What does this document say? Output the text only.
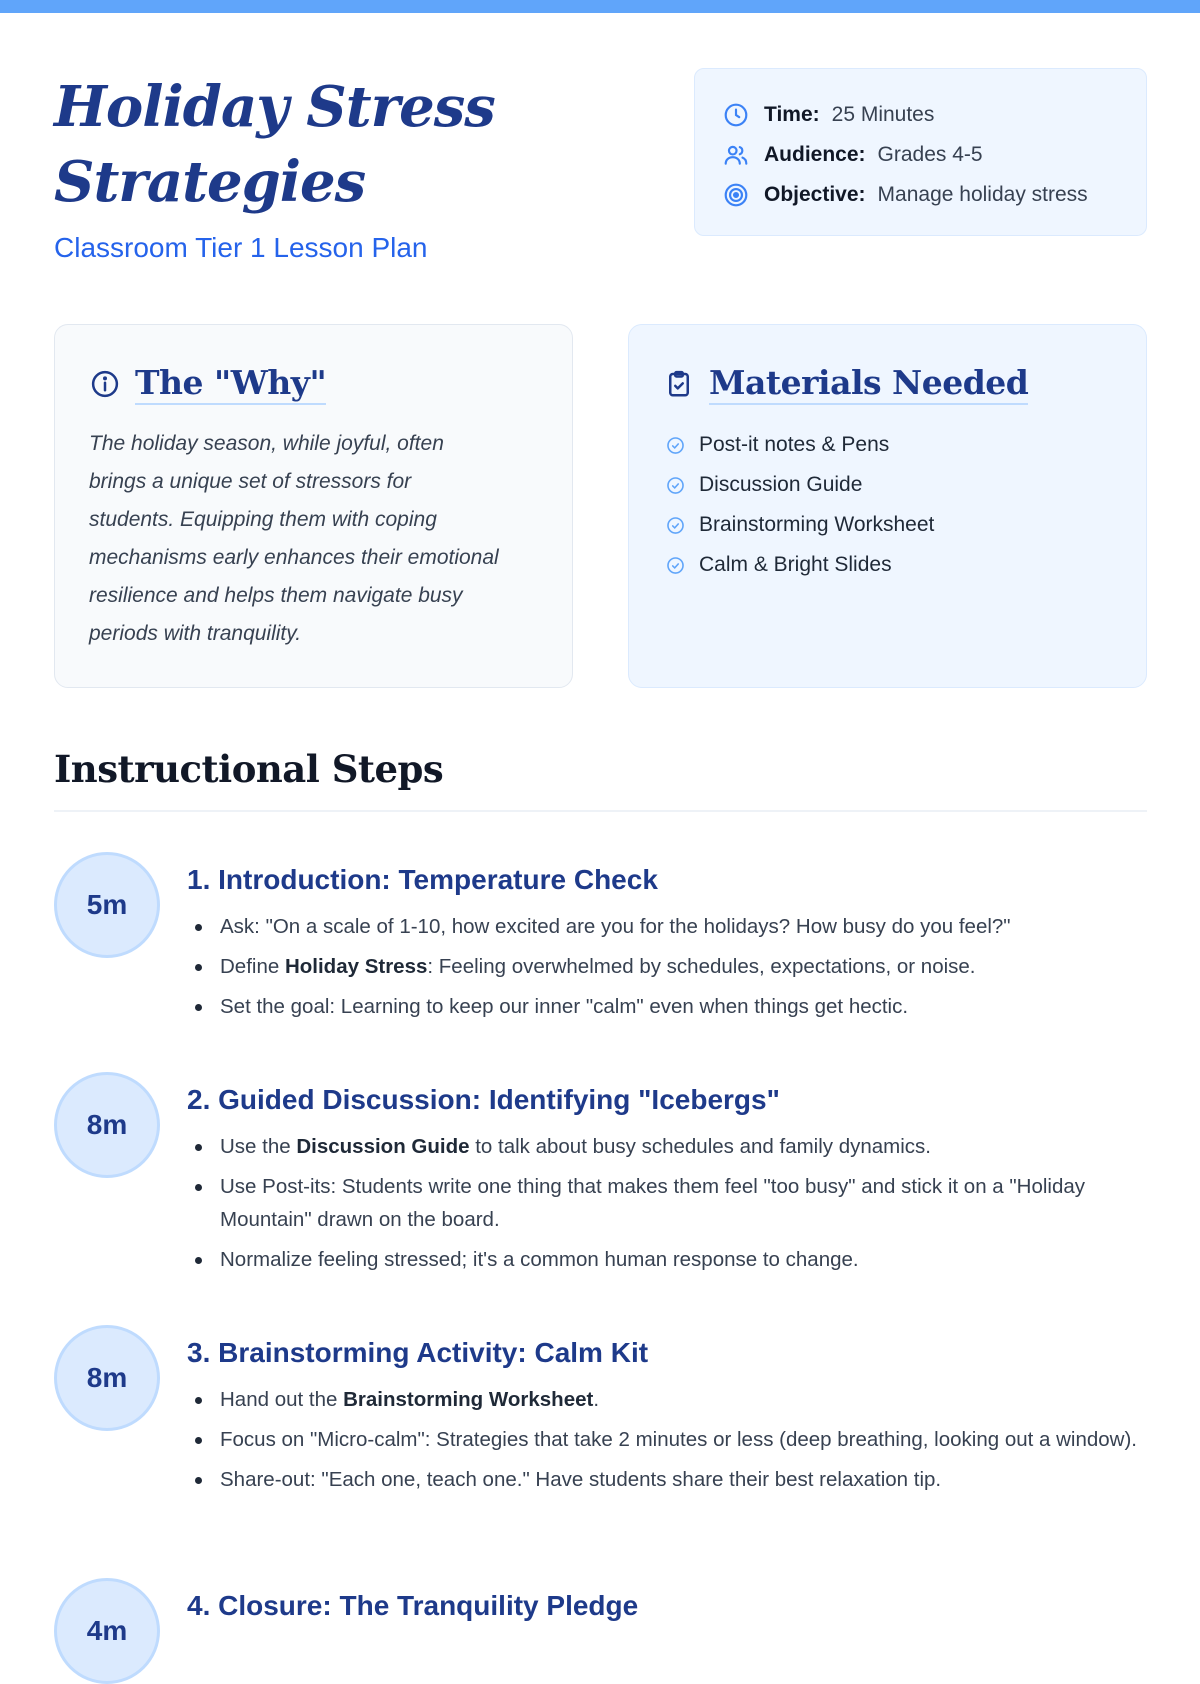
Holiday Stress Strategies
Classroom Tier 1 Lesson Plan
Time: 25 Minutes
Audience: Grades 4-5
Objective: Manage holiday stress
The "Why"

The holiday season, while joyful, often brings a unique set of stressors for students. Equipping them with coping mechanisms early enhances their emotional resilience and helps them navigate busy periods with tranquility.

Materials Needed
Post-it notes & Pens
Discussion Guide
Brainstorming Worksheet
Calm & Bright Slides
Instructional Steps
5m
1. Introduction: Temperature Check
Ask: "On a scale of 1-10, how excited are you for the holidays? How busy do you feel?"
Define Holiday Stress: Feeling overwhelmed by schedules, expectations, or noise.
Set the goal: Learning to keep our inner "calm" even when things get hectic.
8m
2. Guided Discussion: Identifying "Icebergs"
Use the Discussion Guide to talk about busy schedules and family dynamics.
Use Post-its: Students write one thing that makes them feel "too busy" and stick it on a "Holiday Mountain" drawn on the board.
Normalize feeling stressed; it's a common human response to change.
8m
3. Brainstorming Activity: Calm Kit
Hand out the Brainstorming Worksheet.
Focus on "Micro-calm": Strategies that take 2 minutes or less (deep breathing, looking out a window).
Share-out: "Each one, teach one." Have students share their best relaxation tip.
4m
4. Closure: The Tranquility Pledge
